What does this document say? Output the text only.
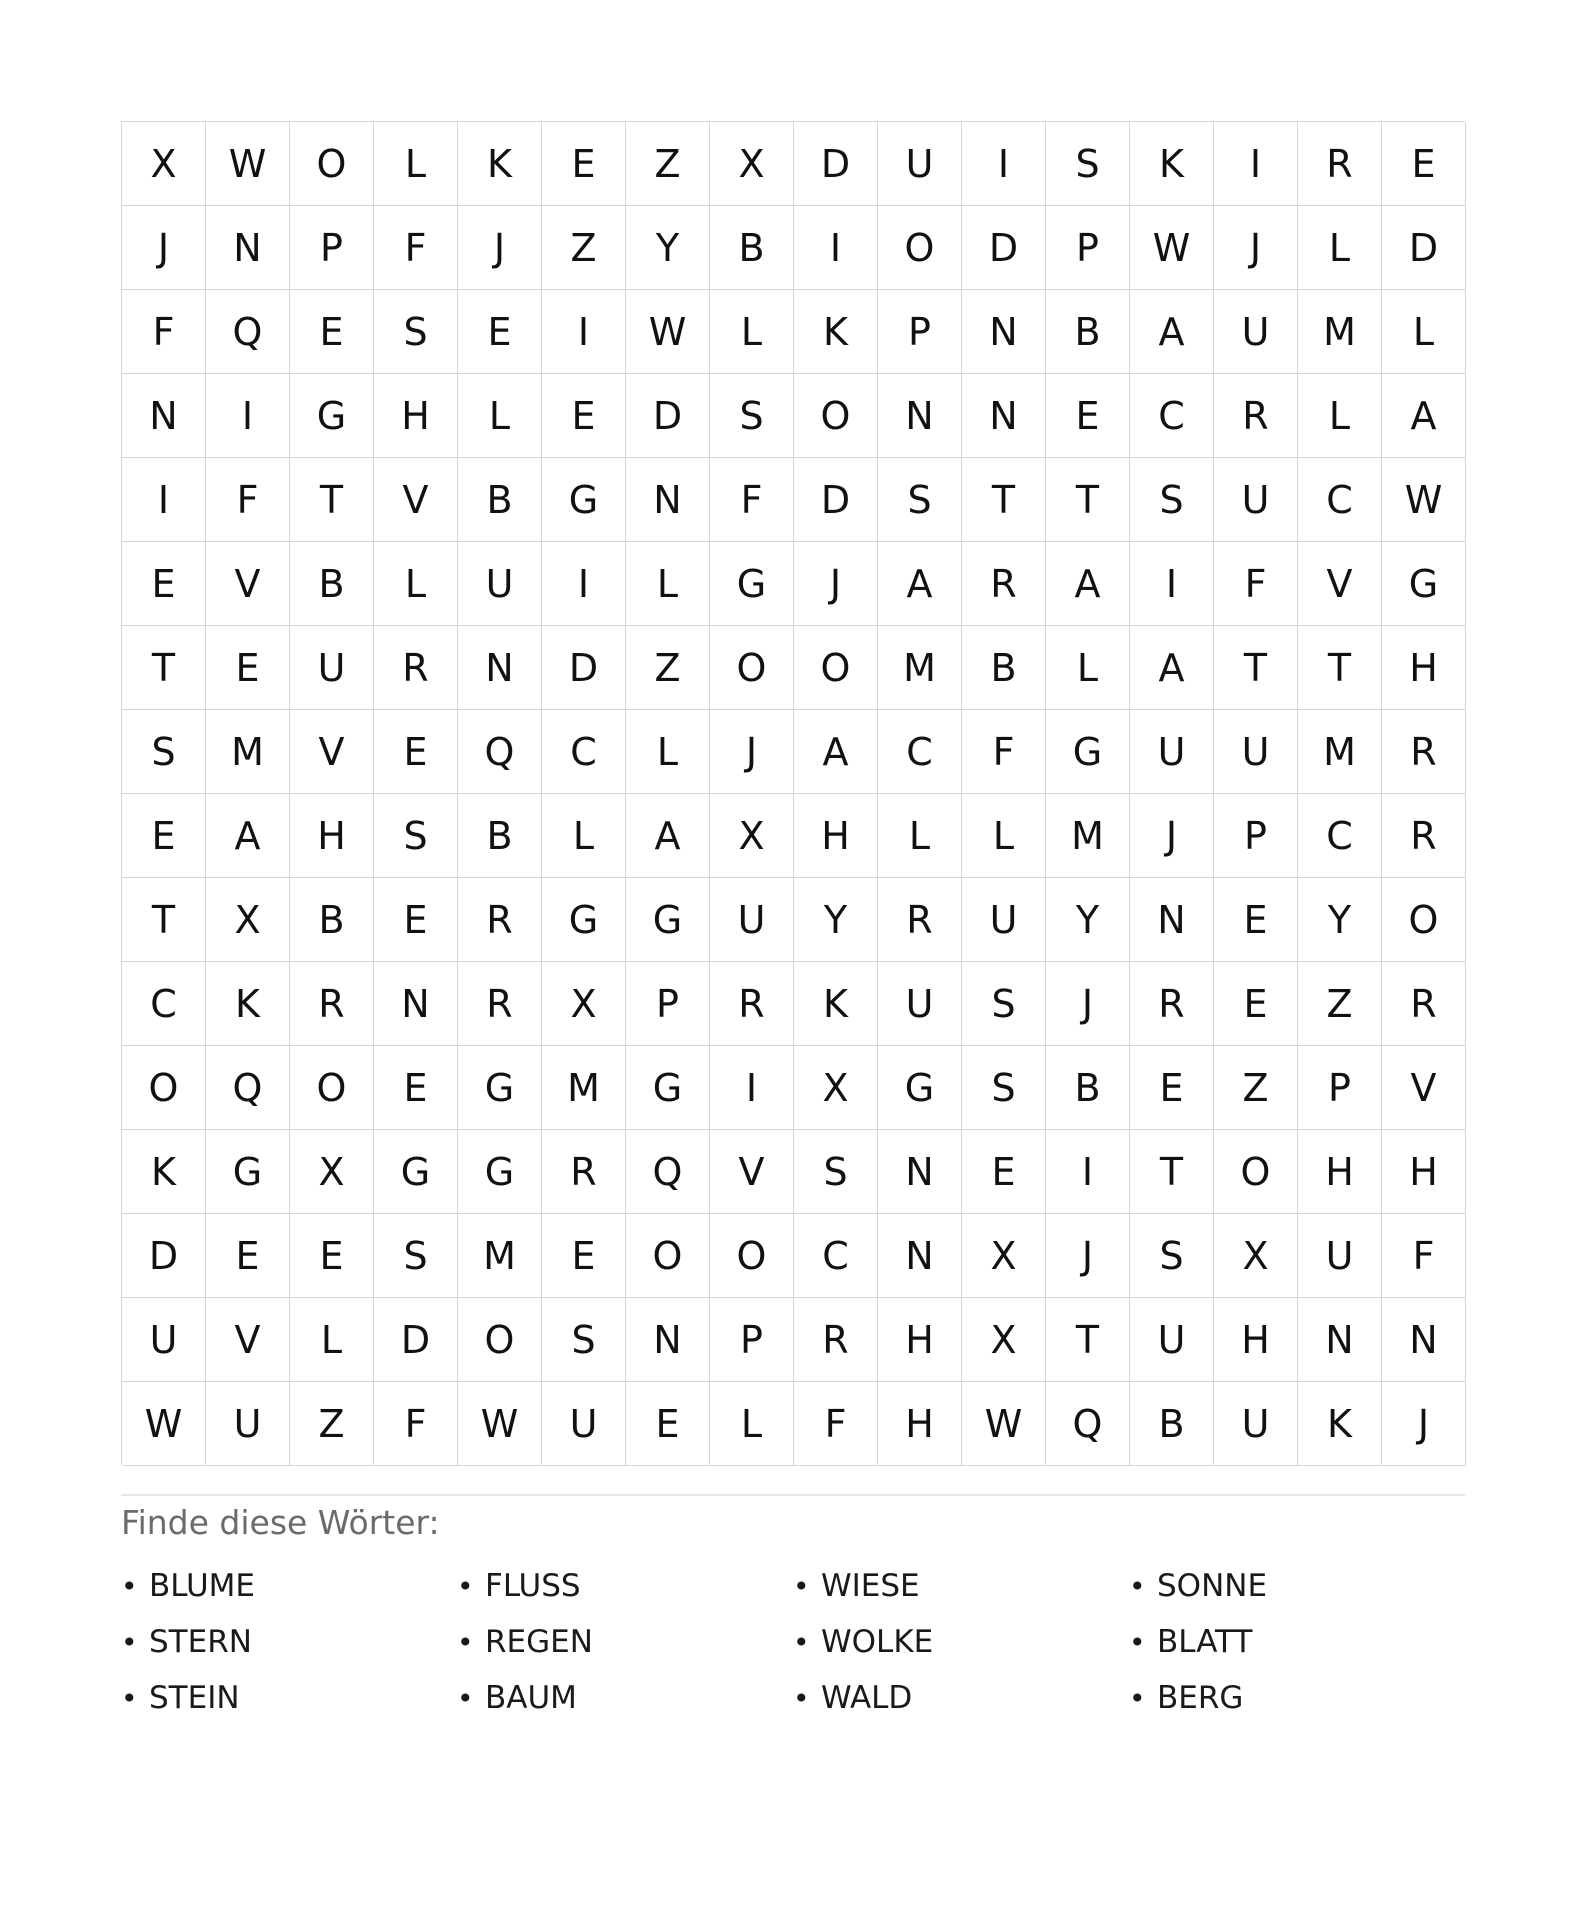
X	W	O	L	K	E	Z	X	D	U	I	S	K	I	R	E
J	N	P	F	J	Z	Y	B	I	O	D	P	W	J	L	D
F	Q	E	S	E	I	W	L	K	P	N	B	A	U	M	L
N	I	G	H	L	E	D	S	O	N	N	E	C	R	L	A
I	F	T	V	B	G	N	F	D	S	T	T	S	U	C	W
E	V	B	L	U	I	L	G	J	A	R	A	I	F	V	G
T	E	U	R	N	D	Z	O	O	M	B	L	A	T	T	H
S	M	V	E	Q	C	L	J	A	C	F	G	U	U	M	R
E	A	H	S	B	L	A	X	H	L	L	M	J	P	C	R
T	X	B	E	R	G	G	U	Y	R	U	Y	N	E	Y	O
C	K	R	N	R	X	P	R	K	U	S	J	R	E	Z	R
O	Q	O	E	G	M	G	I	X	G	S	B	E	Z	P	V
K	G	X	G	G	R	Q	V	S	N	E	I	T	O	H	H
D	E	E	S	M	E	O	O	C	N	X	J	S	X	U	F
U	V	L	D	O	S	N	P	R	H	X	T	U	H	N	N
W	U	Z	F	W	U	E	L	F	H	W	Q	B	U	K	J
Finde diese Wörter:
• BLUME	• FLUSS	• WIESE	• SONNE
• STERN	• REGEN	• WOLKE	• BLATT
• STEIN	• BAUM	• WALD	• BERG
